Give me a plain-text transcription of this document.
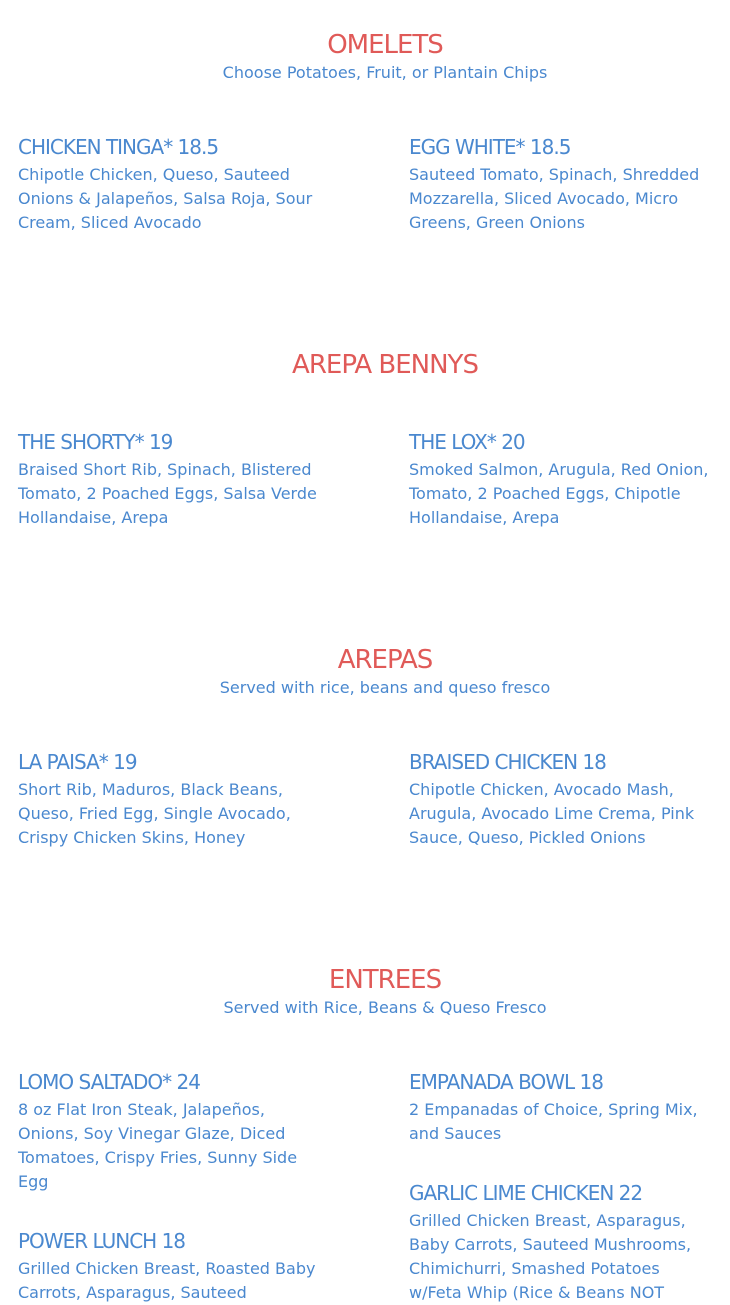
OMELETS
Choose Potatoes, Fruit, or Plantain Chips
CHICKEN TINGA* 18.5
Chipotle Chicken, Queso, Sauteed Onions & Jalapeños, Salsa Roja, Sour Cream, Sliced Avocado
EGG WHITE* 18.5
Sauteed Tomato, Spinach, Shredded Mozzarella, Sliced Avocado, Micro Greens, Green Onions
AREPA BENNYS
THE SHORTY* 19
Braised Short Rib, Spinach, Blistered Tomato, 2 Poached Eggs, Salsa Verde Hollandaise, Arepa
THE LOX* 20
Smoked Salmon, Arugula, Red Onion, Tomato, 2 Poached Eggs, Chipotle Hollandaise, Arepa
AREPAS
Served with rice, beans and queso fresco
LA PAISA* 19
Short Rib, Maduros, Black Beans, Queso, Fried Egg, Single Avocado, Crispy Chicken Skins, Honey
BRAISED CHICKEN 18
Chipotle Chicken, Avocado Mash, Arugula, Avocado Lime Crema, Pink Sauce, Queso, Pickled Onions
ENTREES
Served with Rice, Beans & Queso Fresco
LOMO SALTADO* 24
8 oz Flat Iron Steak, Jalapeños, Onions, Soy Vinegar Glaze, Diced Tomatoes, Crispy Fries, Sunny Side Egg
EMPANADA BOWL 18
2 Empanadas of Choice, Spring Mix, and Sauces
POWER LUNCH 18
Grilled Chicken Breast, Roasted Baby Carrots, Asparagus, Sauteed
GARLIC LIME CHICKEN 22
Grilled Chicken Breast, Asparagus, Baby Carrots, Sauteed Mushrooms, Chimichurri, Smashed Potatoes w/Feta Whip (Rice & Beans NOT
